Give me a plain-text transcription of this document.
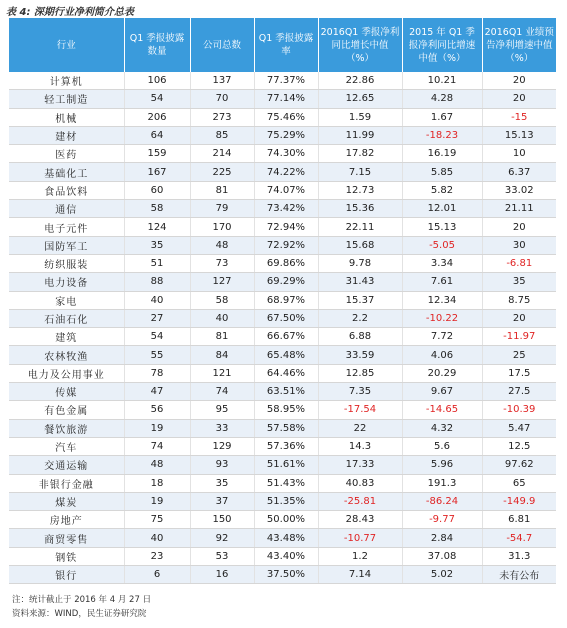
表 4: 深期行业净利简介总表
行业	Q1 季报披露数量	公司总数	Q1 季报披露率	2016Q1 季报净利同比增长中值（%）	2015 年 Q1 季报净利同比增速中值（%）	2016Q1 业绩预告净利增速中值（%）
计算机	106	137	77.37%	22.86	10.21	20
轻工制造	54	70	77.14%	12.65	4.28	20
机械	206	273	75.46%	1.59	1.67	-15
建材	64	85	75.29%	11.99	-18.23	15.13
医药	159	214	74.30%	17.82	16.19	10
基础化工	167	225	74.22%	7.15	5.85	6.37
食品饮料	60	81	74.07%	12.73	5.82	33.02
通信	58	79	73.42%	15.36	12.01	21.11
电子元件	124	170	72.94%	22.11	15.13	20
国防军工	35	48	72.92%	15.68	-5.05	30
纺织服装	51	73	69.86%	9.78	3.34	-6.81
电力设备	88	127	69.29%	31.43	7.61	35
家电	40	58	68.97%	15.37	12.34	8.75
石油石化	27	40	67.50%	2.2	-10.22	20
建筑	54	81	66.67%	6.88	7.72	-11.97
农林牧渔	55	84	65.48%	33.59	4.06	25
电力及公用事业	78	121	64.46%	12.85	20.29	17.5
传媒	47	74	63.51%	7.35	9.67	27.5
有色金属	56	95	58.95%	-17.54	-14.65	-10.39
餐饮旅游	19	33	57.58%	22	4.32	5.47
汽车	74	129	57.36%	14.3	5.6	12.5
交通运输	48	93	51.61%	17.33	5.96	97.62
非银行金融	18	35	51.43%	40.83	191.3	65
煤炭	19	37	51.35%	-25.81	-86.24	-149.9
房地产	75	150	50.00%	28.43	-9.77	6.81
商贸零售	40	92	43.48%	-10.77	2.84	-54.7
钢铁	23	53	43.40%	1.2	37.08	31.3
银行	6	16	37.50%	7.14	5.02	未有公布
注：统计截止于 2016 年 4 月 27 日
资料来源：WIND，民生证券研究院
